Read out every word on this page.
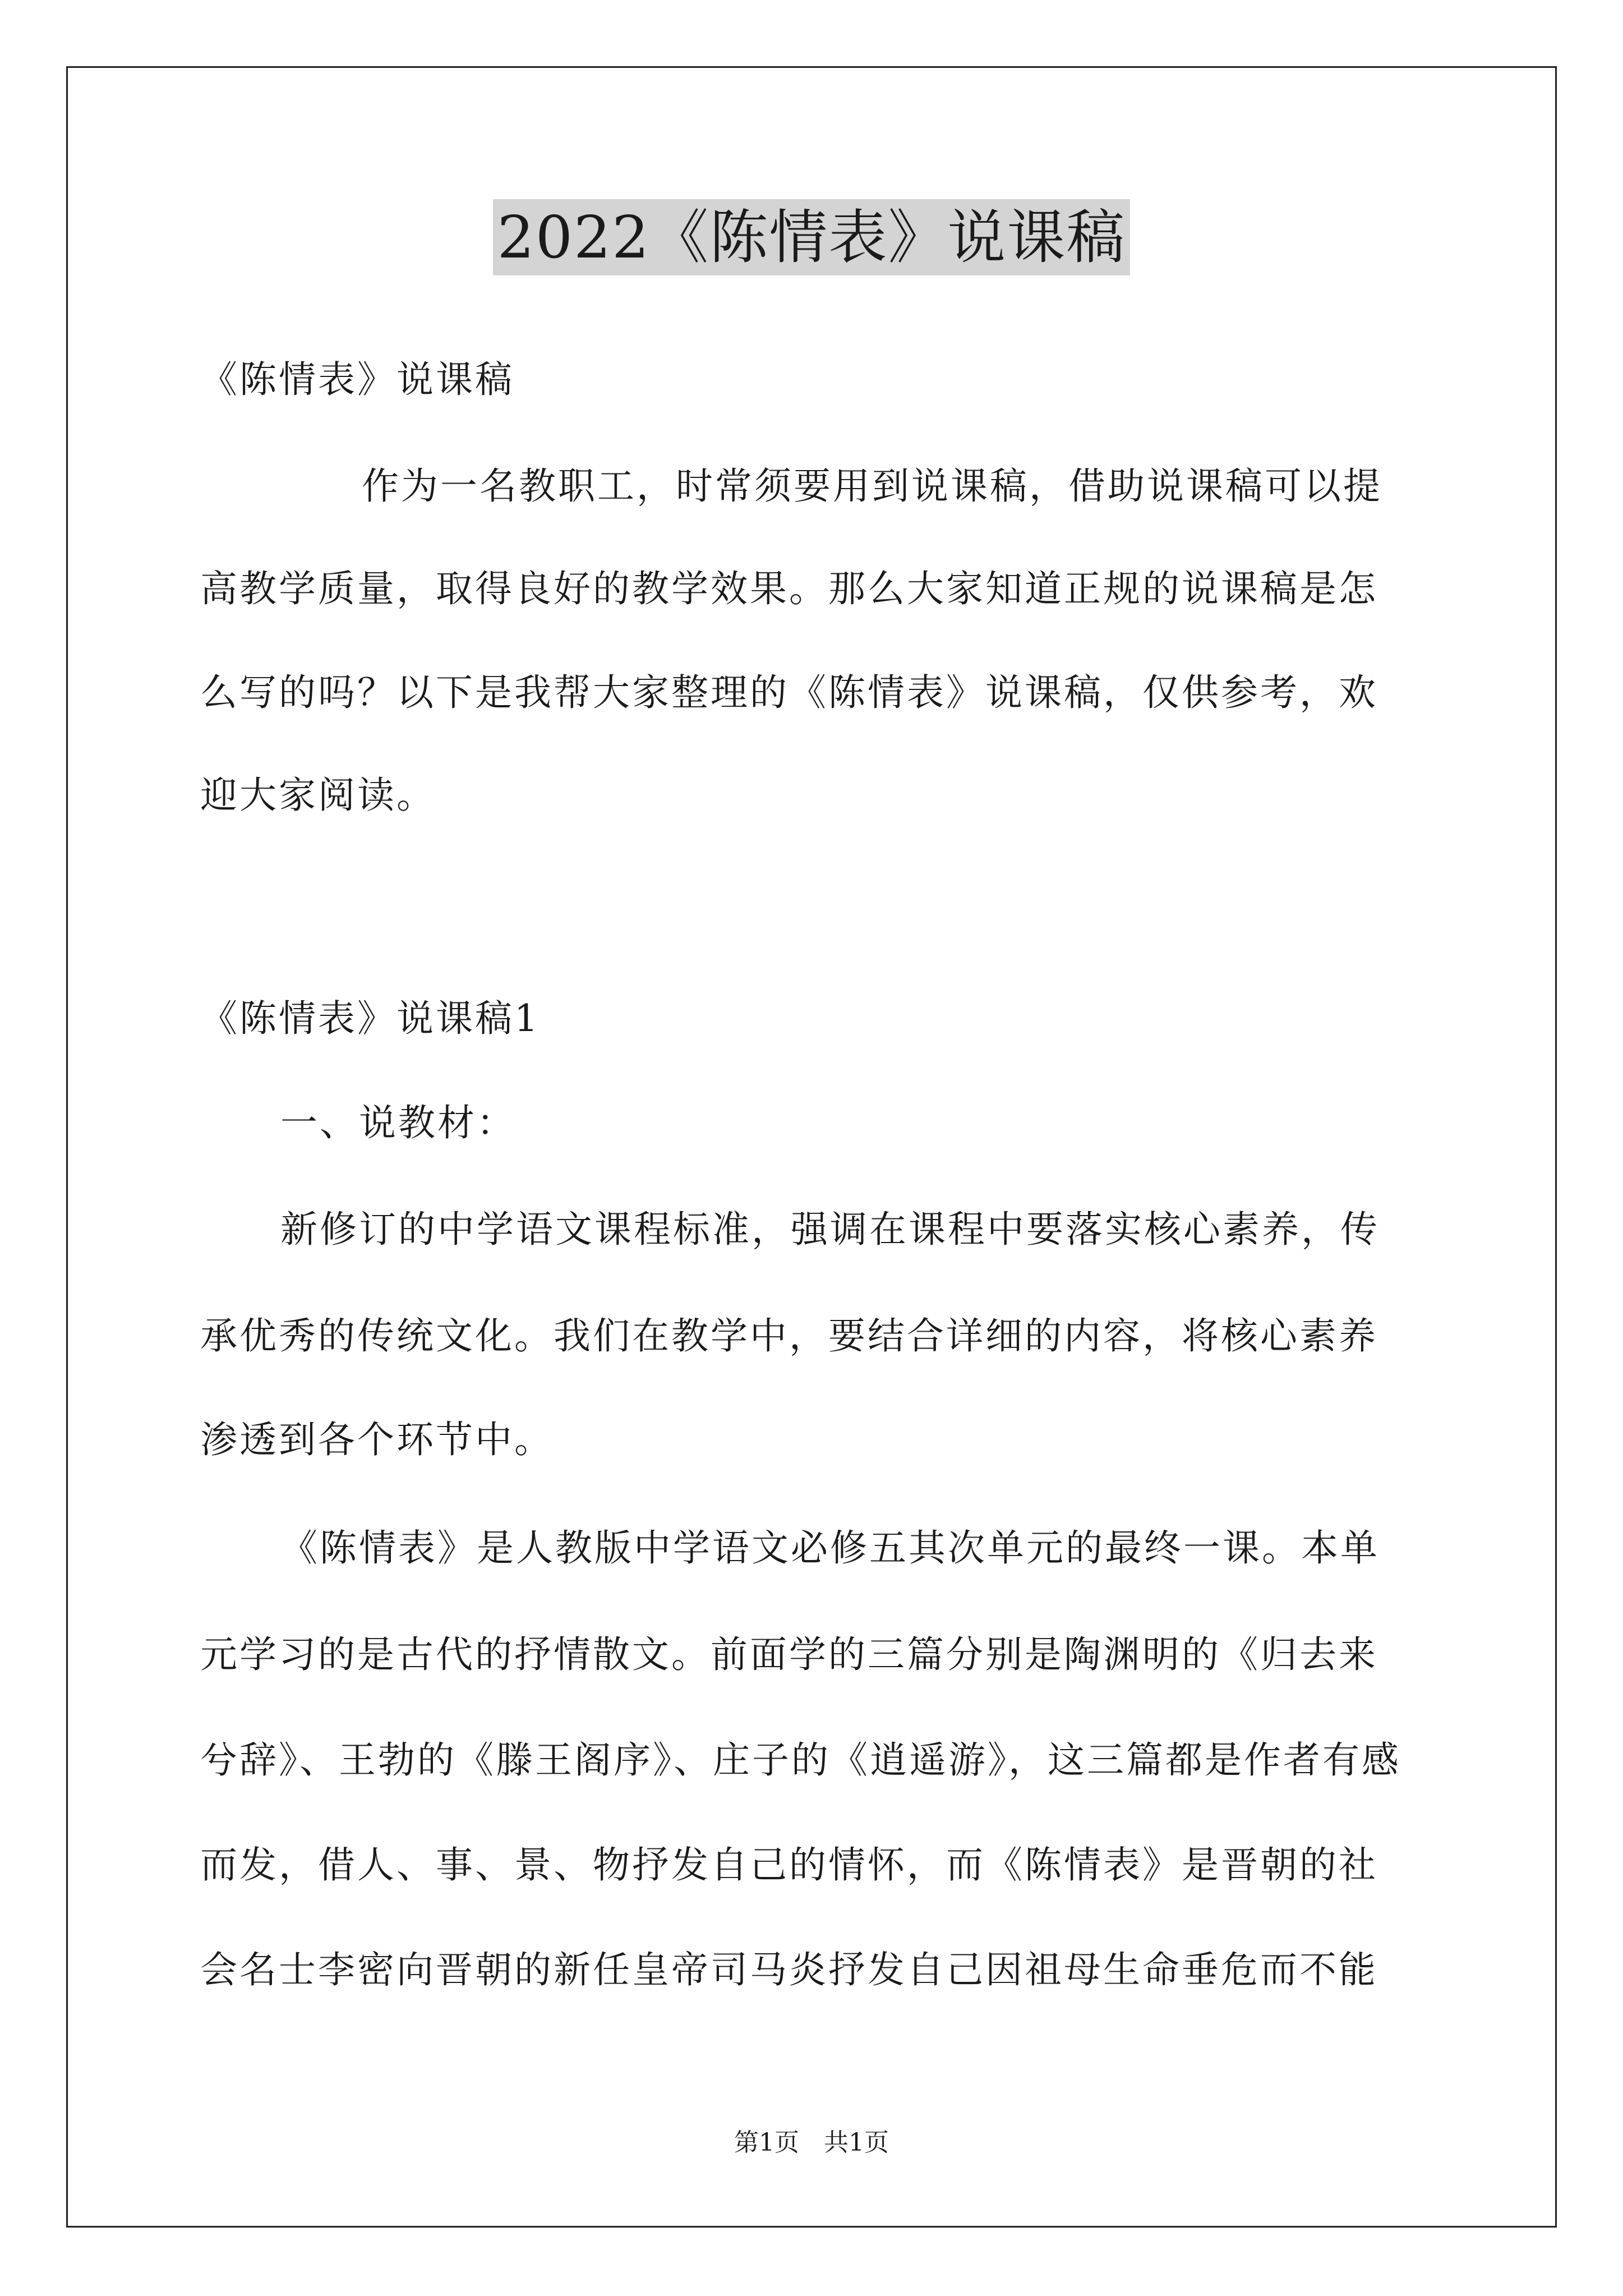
2022《陈情表》说课稿
《陈情表》说课稿
作为一名教职工，时常须要用到说课稿，借助说课稿可以提
高教学质量，取得良好的教学效果。那么大家知道正规的说课稿是怎
么写的吗？以下是我帮大家整理的《陈情表》说课稿，仅供参考，欢
迎大家阅读。
《陈情表》说课稿1
一、说教材：
新修订的中学语文课程标准，强调在课程中要落实核心素养，传
承优秀的传统文化。我们在教学中，要结合详细的内容，将核心素养
渗透到各个环节中。
《陈情表》是人教版中学语文必修五其次单元的最终一课。本单
元学习的是古代的抒情散文。前面学的三篇分别是陶渊明的《归去来
兮辞》、王勃的《滕王阁序》、庄子的《逍遥游》，这三篇都是作者有感
而发，借人、事、景、物抒发自己的情怀，而《陈情表》是晋朝的社
会名士李密向晋朝的新任皇帝司马炎抒发自己因祖母生命垂危而不能
第1页　共1页
